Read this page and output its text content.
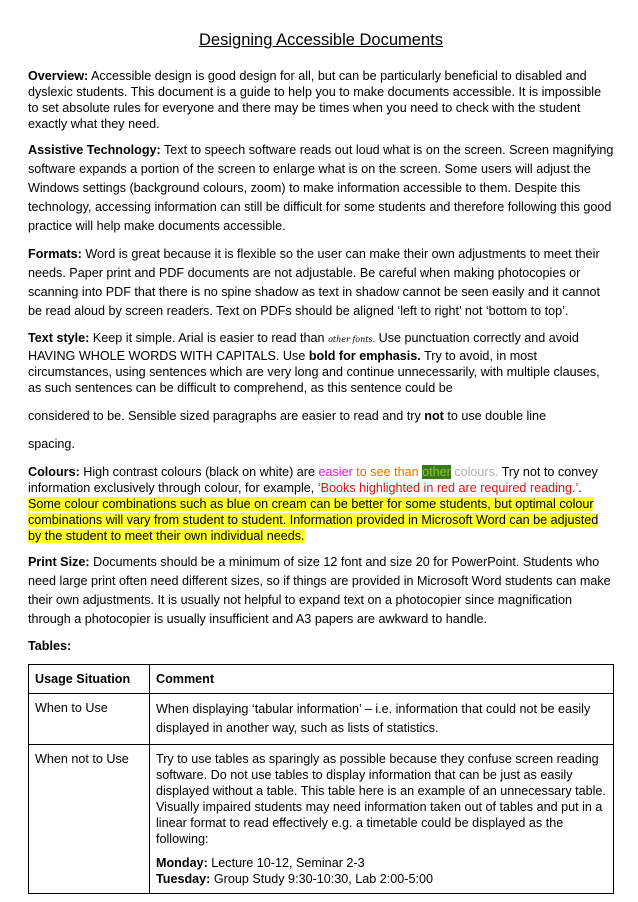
Designing Accessible Documents

Overview: Accessible design is good design for all, but can be particularly beneficial to disabled and dyslexic students. This document is a guide to help you to make documents accessible. It is impossible to set absolute rules for everyone and there may be times when you need to check with the student exactly what they need.

Assistive Technology: Text to speech software reads out loud what is on the screen. Screen magnifying software expands a portion of the screen to enlarge what is on the screen. Some users will adjust the Windows settings (background colours, zoom) to make information accessible to them. Despite this technology, accessing information can still be difficult for some students and therefore following this good practice will help make documents accessible.

Formats: Word is great because it is flexible so the user can make their own adjustments to meet their needs. Paper print and PDF documents are not adjustable. Be careful when making photocopies or scanning into PDF that there is no spine shadow as text in shadow cannot be seen easily and it cannot be read aloud by screen readers. Text on PDFs should be aligned ‘left to right’ not ‘bottom to top’.

Text style: Keep it simple. Arial is easier to read than other fonts. Use punctuation correctly and avoid HAVING WHOLE WORDS WITH CAPITALS. Use bold for emphasis. Try to avoid, in most circumstances, using sentences which are very long and continue unnecessarily, with multiple clauses, as such sentences can be difficult to comprehend, as this sentence could be

considered to be. Sensible sized paragraphs are easier to read and try not to use double line

spacing.

Colours: High contrast colours (black on white) are easier to see than other colours. Try not to convey information exclusively through colour, for example, ‘Books highlighted in red are required reading.’. Some colour combinations such as blue on cream can be better for some students, but optimal colour combinations will vary from student to student. Information provided in Microsoft Word can be adjusted by the student to meet their own individual needs.

Print Size: Documents should be a minimum of size 12 font and size 20 for PowerPoint. Students who need large print often need different sizes, so if things are provided in Microsoft Word students can make their own adjustments. It is usually not helpful to expand text on a photocopier since magnification through a photocopier is usually insufficient and A3 papers are awkward to handle.

Tables:

Usage Situation	Comment
When to Use	When displaying ‘tabular information’ – i.e. information that could not be easily displayed in another way, such as lists of statistics.
When not to Use	Try to use tables as sparingly as possible because they confuse screen reading software. Do not use tables to display information that can be just as easily displayed without a table. This table here is an example of an unnecessary table. Visually impaired students may need information taken out of tables and put in a linear format to read effectively e.g. a timetable could be displayed as the following:
Monday: Lecture 10-12, Seminar 2-3
Tuesday: Group Study 9:30-10:30, Lab 2:00-5:00
